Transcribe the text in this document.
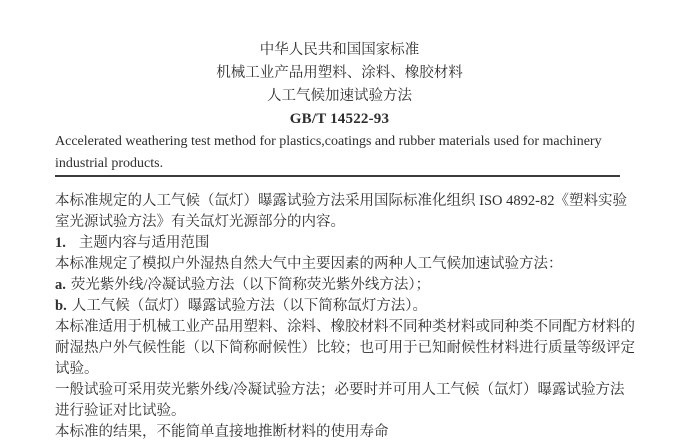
中华人民共和国国家标准
机械工业产品用塑料、涂料、橡胶材料
人工气候加速试验方法
GB/T 14522-93
Accelerated weathering test method for plastics,coatings and rubber materials used for machinery
industrial products.
本标准规定的人工气候（氙灯）曝露试验方法采用国际标准化组织 ISO 4892-82《塑料实验
室光源试验方法》有关氙灯光源部分的内容。
1. 主题内容与适用范围
本标准规定了模拟户外湿热自然大气中主要因素的两种人工气候加速试验方法：
a. 荧光紫外线/冷凝试验方法（以下简称荧光紫外线方法）；
b. 人工气候（氙灯）曝露试验方法（以下简称氙灯方法）。
本标准适用于机械工业产品用塑料、涂料、橡胶材料不同种类材料或同种类不同配方材料的
耐湿热户外气候性能（以下简称耐候性）比较；也可用于已知耐候性材料进行质量等级评定
试验。
一般试验可采用荧光紫外线/冷凝试验方法；必要时并可用人工气候（氙灯）曝露试验方法
进行验证对比试验。
本标准的结果，不能简单直接地推断材料的使用寿命
